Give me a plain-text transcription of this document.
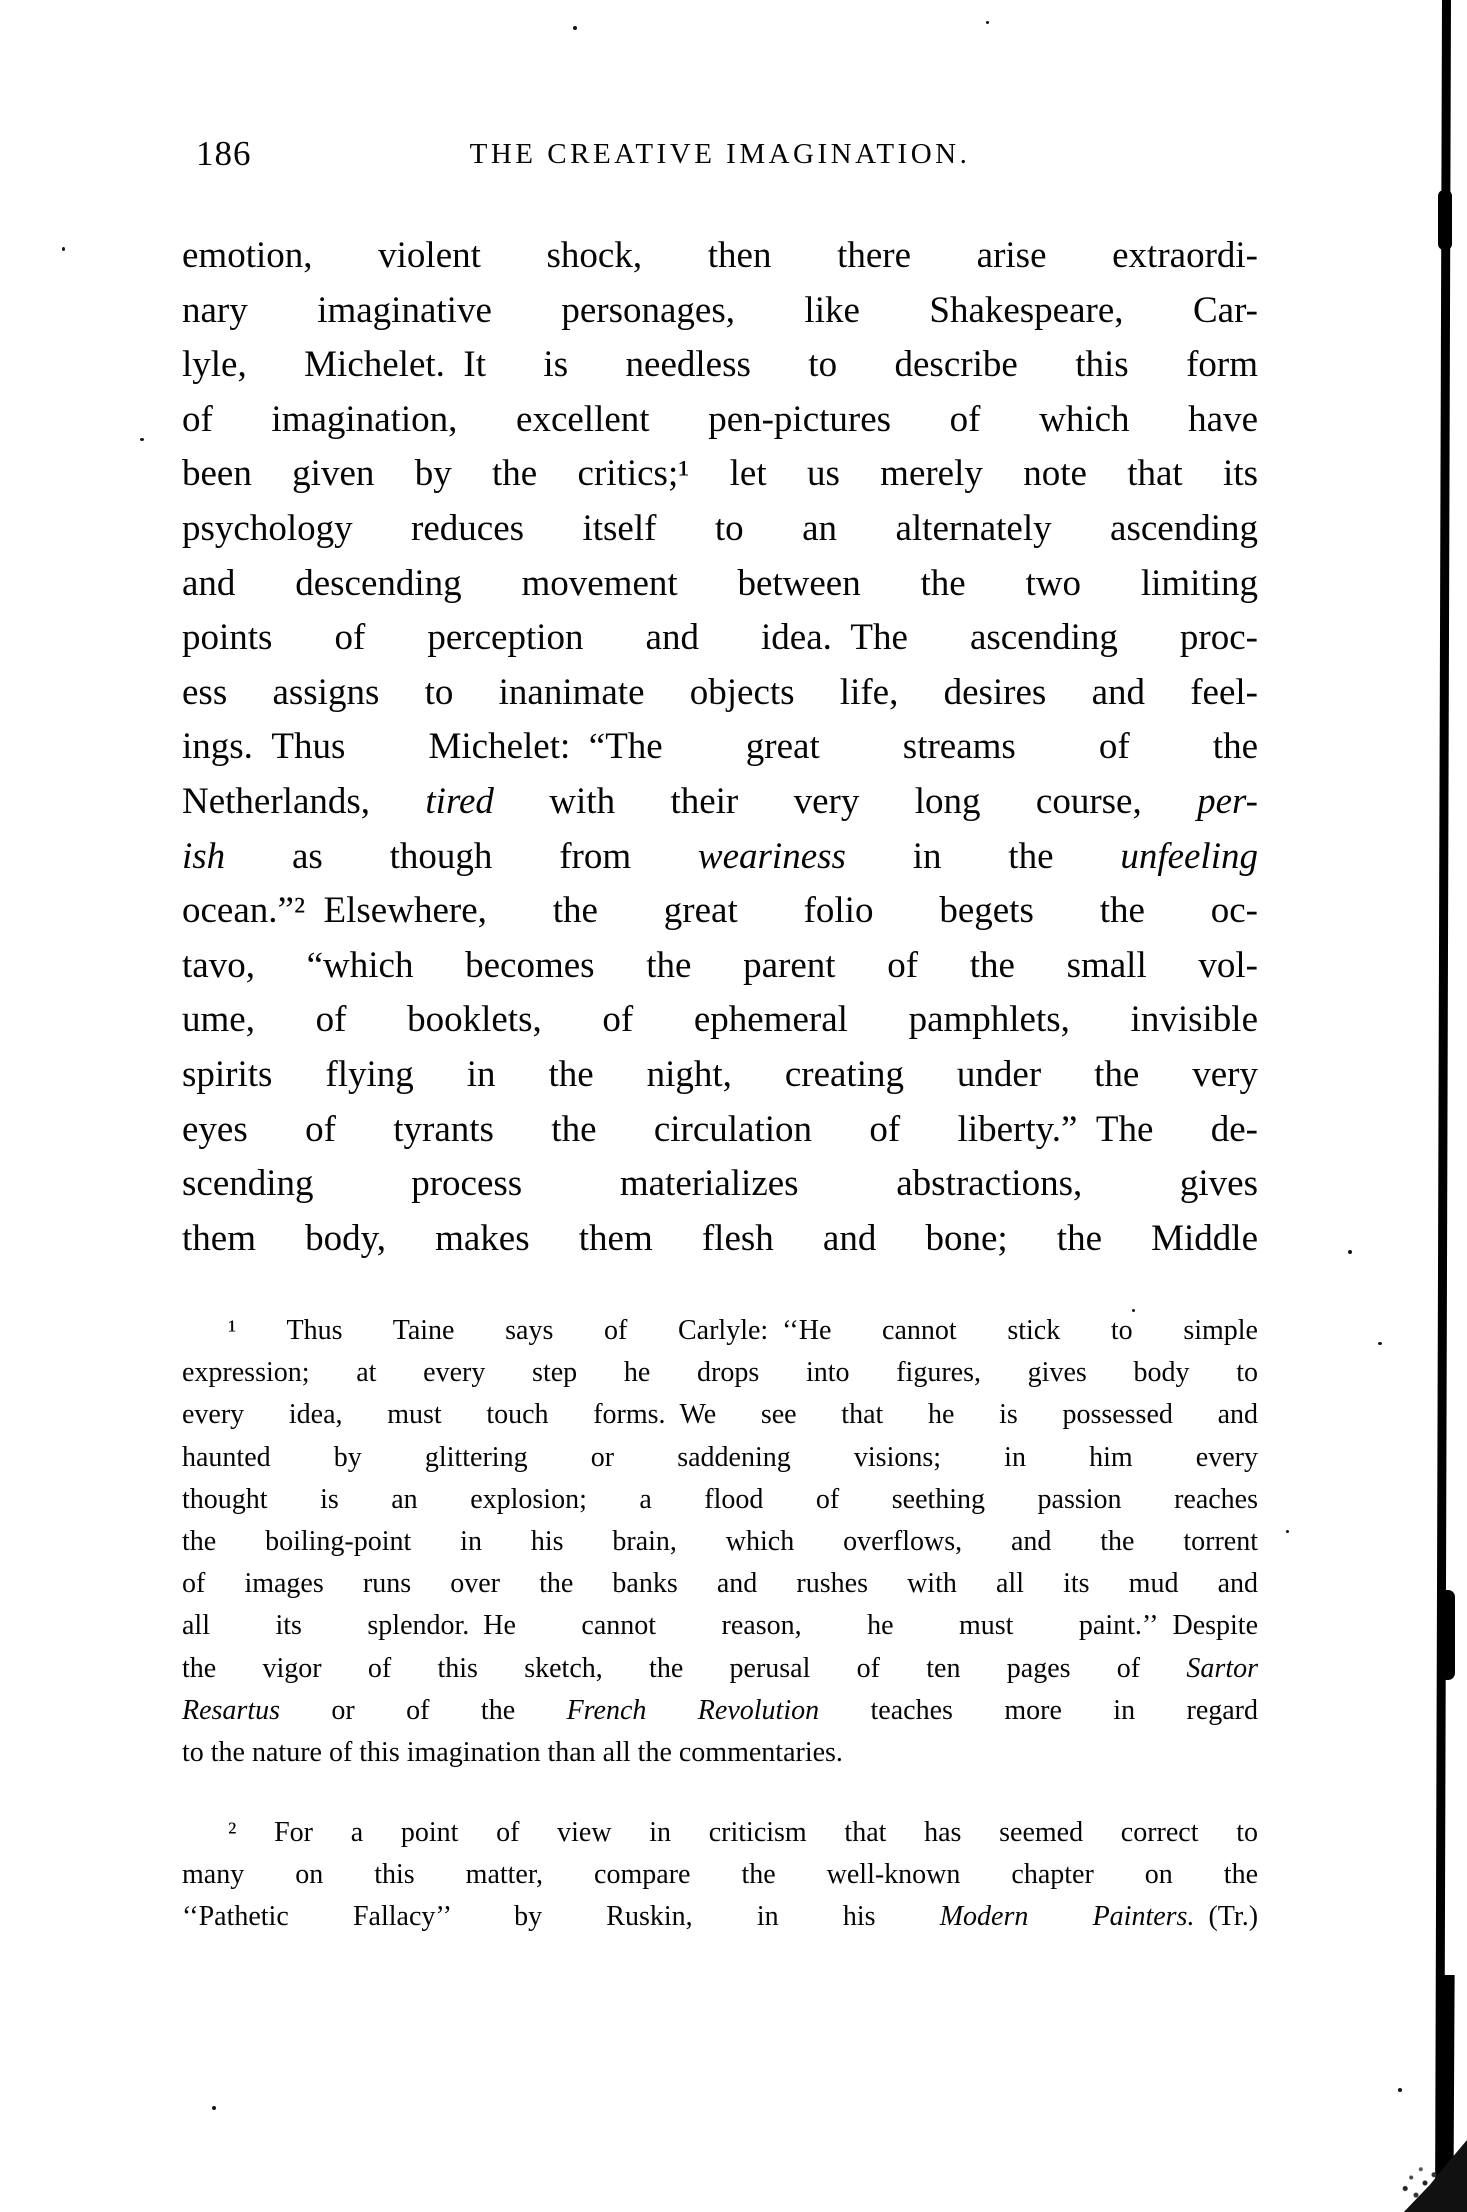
186	THE CREATIVE IMAGINATION.
emotion, violent shock, then there arise extraordi-
nary imaginative personages, like Shakespeare, Car-
lyle, Michelet. It is needless to describe this form
of imagination, excellent pen-pictures of which have
been given by the critics;¹ let us merely note that its
psychology reduces itself to an alternately ascending
and descending movement between the two limiting
points of perception and idea. The ascending proc-
ess assigns to inanimate objects life, desires and feel-
ings. Thus Michelet: “The great streams of the
Netherlands, tired with their very long course, per-
ish as though from weariness in the unfeeling
ocean.”² Elsewhere, the great folio begets the oc-
tavo, “which becomes the parent of the small vol-
ume, of booklets, of ephemeral pamphlets, invisible
spirits flying in the night, creating under the very
eyes of tyrants the circulation of liberty.” The de-
scending process materializes abstractions, gives
them body, makes them flesh and bone; the Middle
¹ Thus Taine says of Carlyle: ‘‘He cannot stick to simple
expression; at every step he drops into figures, gives body to
every idea, must touch forms. We see that he is possessed and
haunted by glittering or saddening visions; in him every
thought is an explosion; a flood of seething passion reaches
the boiling-point in his brain, which overflows, and the torrent
of images runs over the banks and rushes with all its mud and
all its splendor. He cannot reason, he must paint.’’ Despite
the vigor of this sketch, the perusal of ten pages of Sartor
Resartus or of the French Revolution teaches more in regard
to the nature of this imagination than all the commentaries.
² For a point of view in criticism that has seemed correct to
many on this matter, compare the well-known chapter on the
‘‘Pathetic Fallacy’’ by Ruskin, in his Modern Painters. (Tr.)
